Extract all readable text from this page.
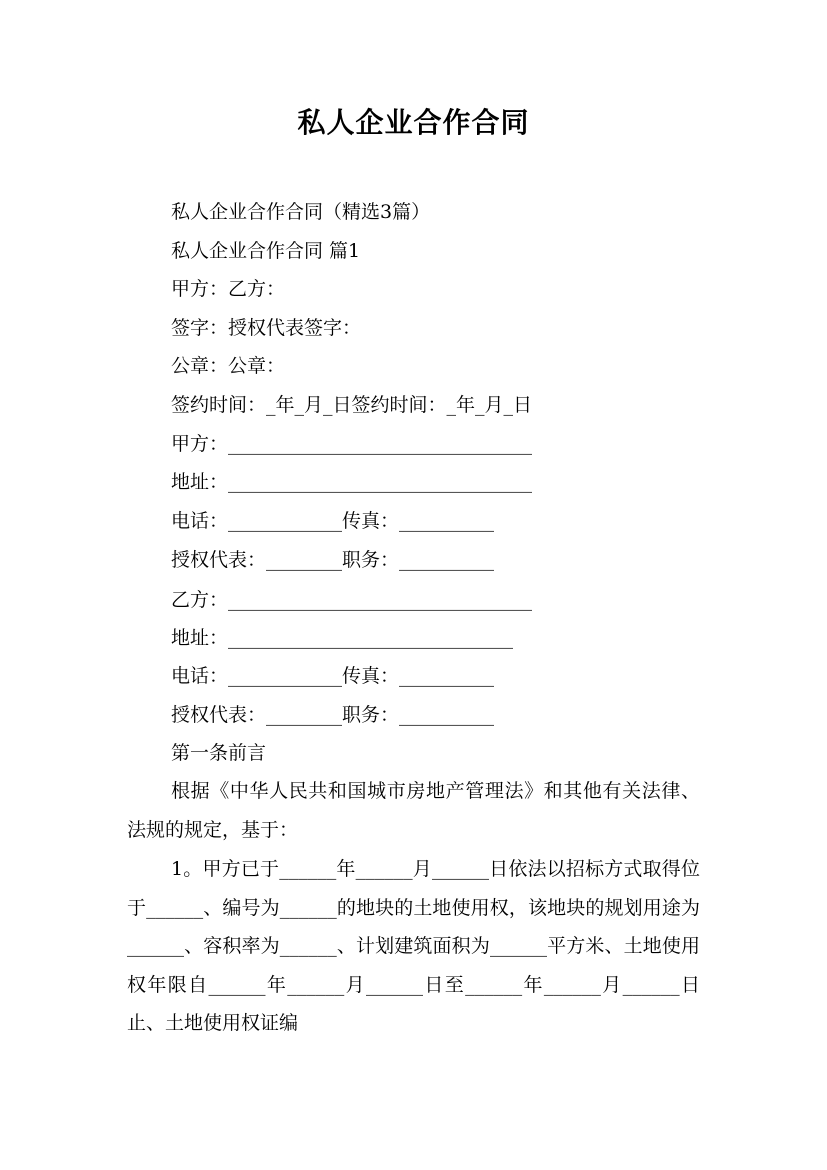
私人企业合作合同
私人企业合作合同（精选3篇）
私人企业合作合同 篇1
甲方：乙方：
签字：授权代表签字：
公章：公章：
签约时间：_年_月_日签约时间：_年_月_日
甲方：________________________________
地址：________________________________
电话：____________传真：__________
授权代表：________职务：__________
乙方：________________________________
地址：______________________________
电话：____________传真：__________
授权代表：________职务：__________
第一条前言
根据《中华人民共和国城市房地产管理法》和其他有关法律、法规的规定，基于：
1。甲方已于______年______月______日依法以招标方式取得位于______、编号为______的地块的土地使用权，该地块的规划用途为______、容积率为______、计划建筑面积为______平方米、土地使用权年限自______年______月______日至______年______月______日止、土地使用权证编
